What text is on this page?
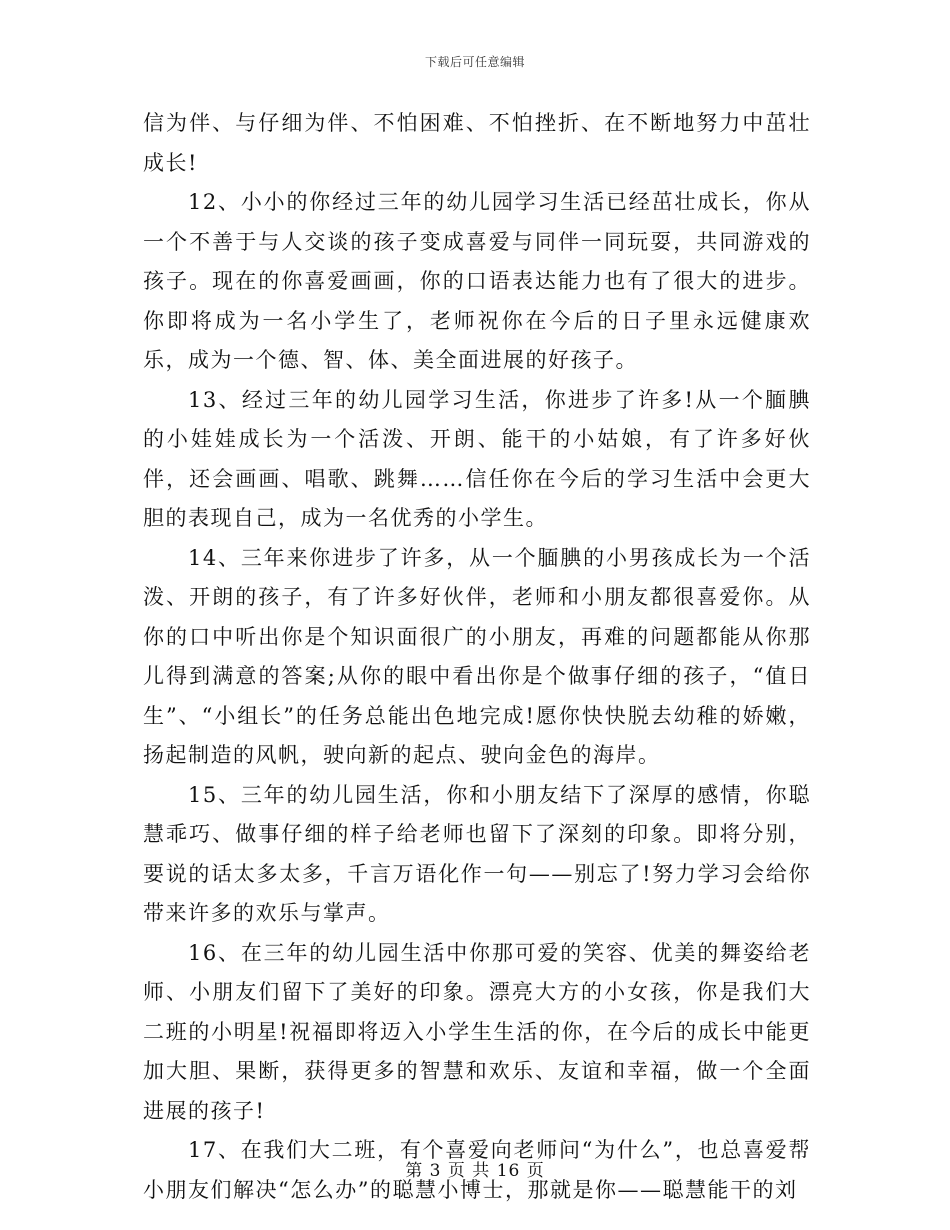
下载后可任意编辑

信为伴、与仔细为伴、不怕困难、不怕挫折、在不断地努力中茁壮成长!

12、小小的你经过三年的幼儿园学习生活已经茁壮成长，你从一个不善于与人交谈的孩子变成喜爱与同伴一同玩耍，共同游戏的孩子。现在的你喜爱画画，你的口语表达能力也有了很大的进步。你即将成为一名小学生了，老师祝你在今后的日子里永远健康欢乐，成为一个德、智、体、美全面进展的好孩子。

13、经过三年的幼儿园学习生活，你进步了许多!从一个腼腆的小娃娃成长为一个活泼、开朗、能干的小姑娘，有了许多好伙伴，还会画画、唱歌、跳舞……信任你在今后的学习生活中会更大胆的表现自己，成为一名优秀的小学生。

14、三年来你进步了许多，从一个腼腆的小男孩成长为一个活泼、开朗的孩子，有了许多好伙伴，老师和小朋友都很喜爱你。从你的口中听出你是个知识面很广的小朋友，再难的问题都能从你那儿得到满意的答案;从你的眼中看出你是个做事仔细的孩子，“值日生”、“小组长”的任务总能出色地完成!愿你快快脱去幼稚的娇嫩，扬起制造的风帆，驶向新的起点、驶向金色的海岸。

15、三年的幼儿园生活，你和小朋友结下了深厚的感情，你聪慧乖巧、做事仔细的样子给老师也留下了深刻的印象。即将分别，要说的话太多太多，千言万语化作一句——别忘了!努力学习会给你带来许多的欢乐与掌声。

16、在三年的幼儿园生活中你那可爱的笑容、优美的舞姿给老师、小朋友们留下了美好的印象。漂亮大方的小女孩，你是我们大二班的小明星!祝福即将迈入小学生生活的你，在今后的成长中能更加大胆、果断，获得更多的智慧和欢乐、友谊和幸福，做一个全面进展的孩子!

17、在我们大二班，有个喜爱向老师问“为什么”，也总喜爱帮小朋友们解决“怎么办”的聪慧小博士，那就是你——聪慧能干的刘

第 3 页 共 16 页
